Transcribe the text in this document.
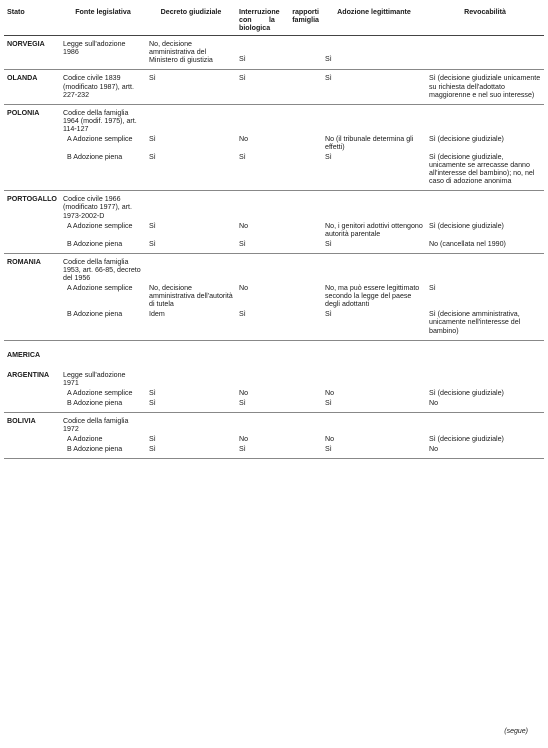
Stato	Fonte legislativa	Decreto giudiziale	Interruzione rapporti con la famiglia biologica	Adozione legittimante	Revocabilità
NORVEGIA	Legge sull'adozione 1986	No, decisione amministrativa del Ministero di giustizia	Sì	Sì	
OLANDA	Codice civile 1839 (modificato 1987), artt. 227-232	Sì	Sì	Sì	Sì (decisione giudiziale unicamente su richiesta dell'adottato maggiorenne e nel suo interesse)
POLONIA	Codice della famiglia 1964 (modif. 1975), art. 114-127				
	A Adozione semplice	Sì	No	No (il tribunale determina gli effetti)	Sì (decisione giudiziale)
	B Adozione piena	Sì	Sì	Sì	Sì (decisione giudiziale, unicamente se arrecasse danno all'interesse del bambino); no, nel caso di adozione anonima
PORTOGALLO	Codice civile 1966 (modificato 1977), art. 1973-2002-D				
	A Adozione semplice	Sì	No	No, i genitori adottivi ottengono autorità parentale	Sì (decisione giudiziale)
	B Adozione piena	Sì	Sì	Sì	No (cancellata nel 1990)
ROMANIA	Codice della famiglia 1953, art. 66-85, decreto del 1956				
	A Adozione semplice	No, decisione amministrativa dell'autorità di tutela	No	No, ma può essere legittimato secondo la legge del paese degli adottanti	Sì
	B Adozione piena	Idem	Sì	Sì	Sì (decisione amministrativa, unicamente nell'interesse del bambino)
AMERICA					
ARGENTINA	Legge sull'adozione 1971				
	A Adozione semplice	Sì	No	No	Sì (decisione giudiziale)
	B Adozione piena	Sì	Sì	Sì	No
BOLIVIA	Codice della famiglia 1972				
	A Adozione	Sì	No	No	Sì (decisione giudiziale)
	B Adozione piena	Sì	Sì	Sì	No
(segue)
